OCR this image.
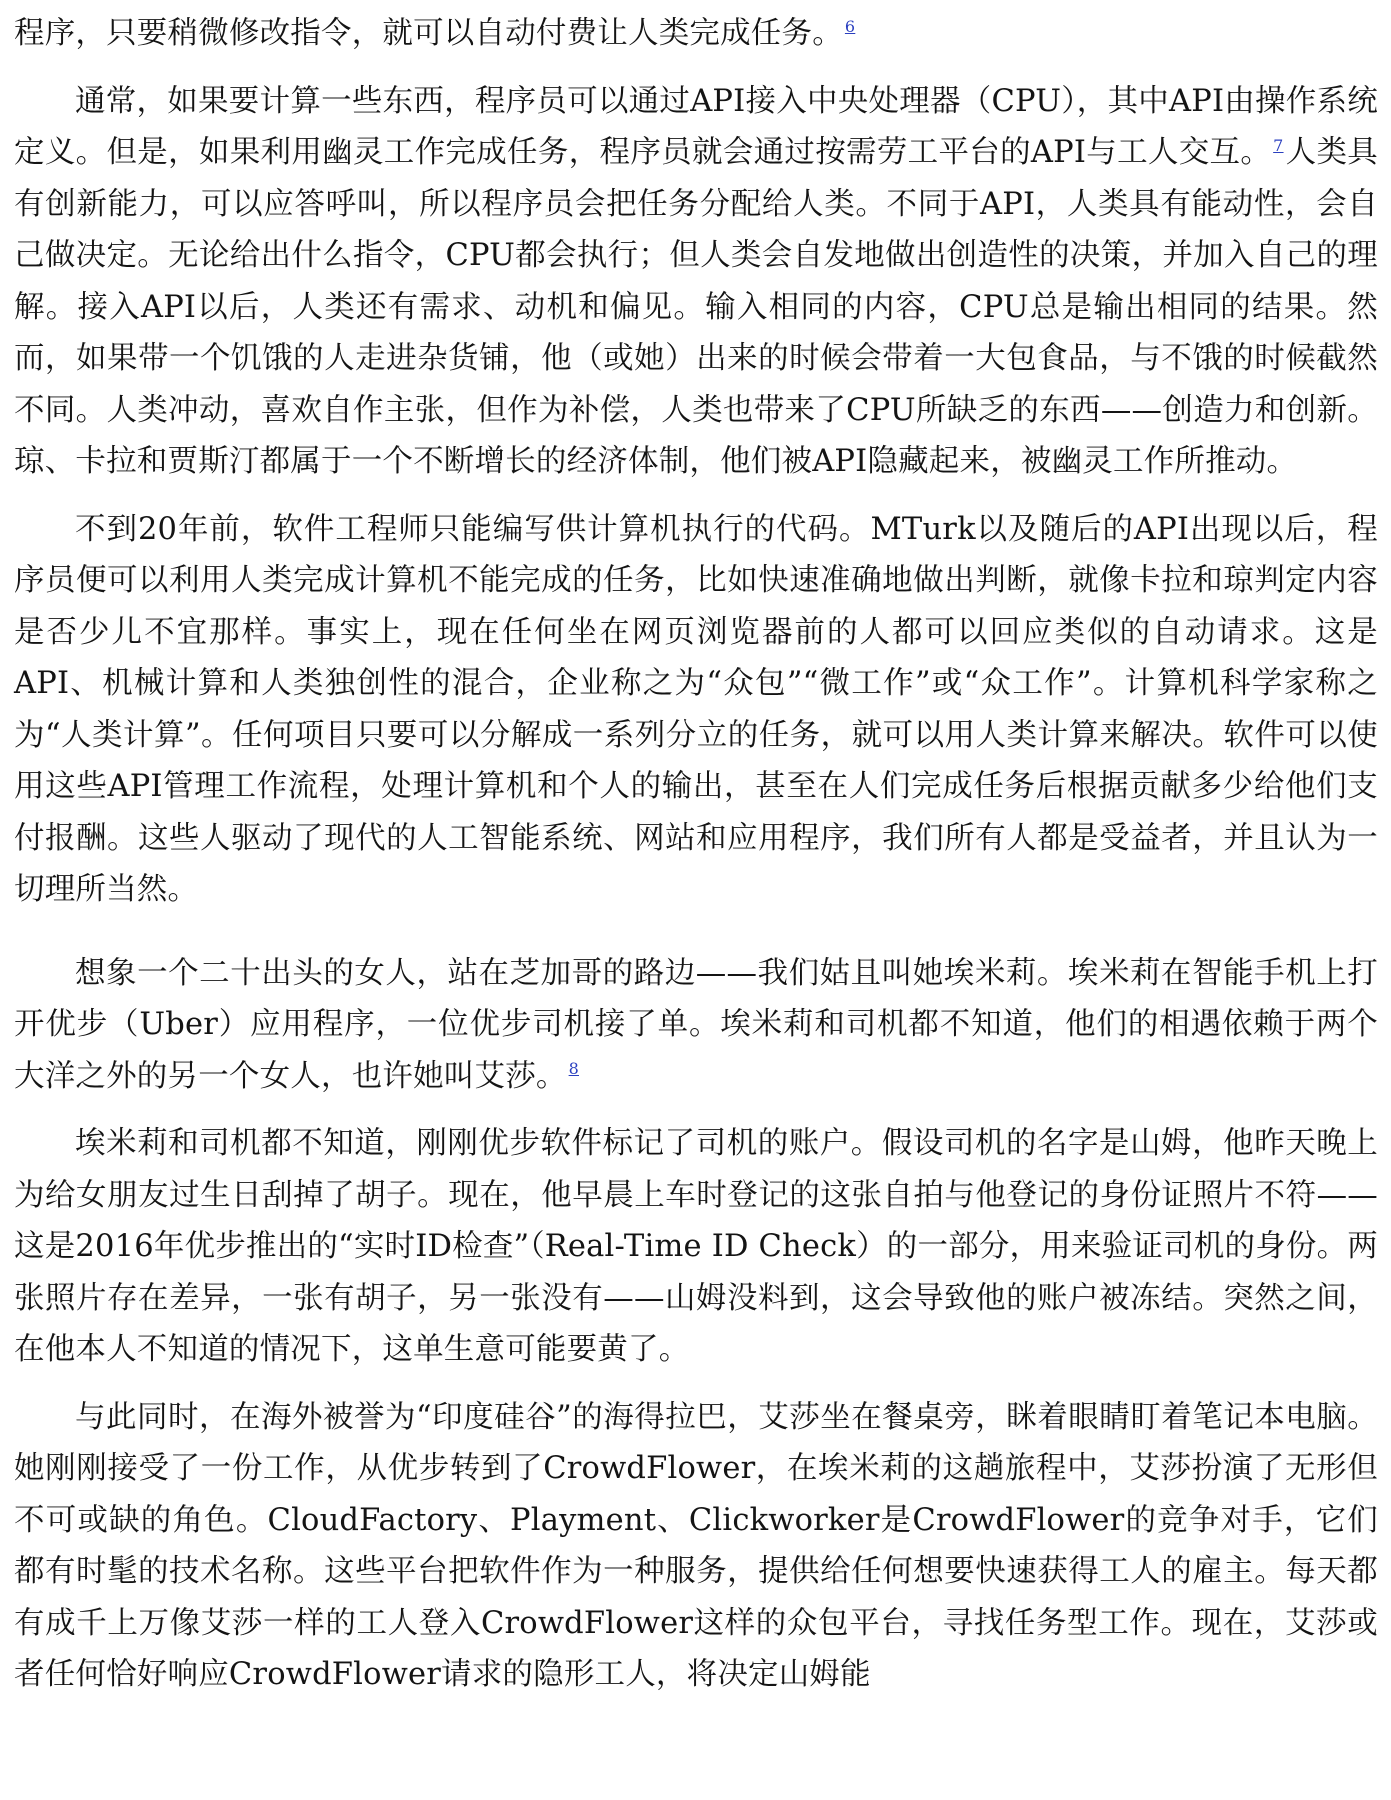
程序，只要稍微修改指令，就可以自动付费让人类完成任务。 $^6$

通常，如果要计算一些东西，程序员可以通过API接入中央处理器（CPU），其中API由操作系统定义。但是，如果利用幽灵工作完成任务，程序员就会通过按需劳工平台的API与工人交互。 $^7$人类具有创新能力，可以应答呼叫，所以程序员会把任务分配给人类。不同于API，人类具有能动性，会自己做决定。无论给出什么指令，CPU都会执行；但人类会自发地做出创造性的决策，并加入自己的理解。接入API以后，人类还有需求、动机和偏见。输入相同的内容，CPU总是输出相同的结果。然而，如果带一个饥饿的人走进杂货铺，他（或她）出来的时候会带着一大包食品，与不饿的时候截然不同。人类冲动，喜欢自作主张，但作为补偿，人类也带来了CPU所缺乏的东西——创造力和创新。琼、卡拉和贾斯汀都属于一个不断增长的经济体制，他们被API隐藏起来，被幽灵工作所推动。

不到20年前，软件工程师只能编写供计算机执行的代码。MTurk以及随后的API出现以后，程序员便可以利用人类完成计算机不能完成的任务，比如快速准确地做出判断，就像卡拉和琼判定内容是否少儿不宜那样。事实上，现在任何坐在网页浏览器前的人都可以回应类似的自动请求。这是API、机械计算和人类独创性的混合，企业称之为“众包”“微工作”或“众工作”。计算机科学家称之为“人类计算”。任何项目只要可以分解成一系列分立的任务，就可以用人类计算来解决。软件可以使用这些API管理工作流程，处理计算机和个人的输出，甚至在人们完成任务后根据贡献多少给他们支付报酬。这些人驱动了现代的人工智能系统、网站和应用程序，我们所有人都是受益者，并且认为一切理所当然。

想象一个二十出头的女人，站在芝加哥的路边——我们姑且叫她埃米莉。埃米莉在智能手机上打开优步（Uber）应用程序，一位优步司机接了单。埃米莉和司机都不知道，他们的相遇依赖于两个大洋之外的另一个女人，也许她叫艾莎。 $^8$

埃米莉和司机都不知道，刚刚优步软件标记了司机的账户。假设司机的名字是山姆，他昨天晚上为给女朋友过生日刮掉了胡子。现在，他早晨上车时登记的这张自拍与他登记的身份证照片不符——这是2016年优步推出的“实时ID检查”（Real-Time ID Check）的一部分，用来验证司机的身份。两张照片存在差异，一张有胡子，另一张没有——山姆没料到，这会导致他的账户被冻结。突然之间，在他本人不知道的情况下，这单生意可能要黄了。

与此同时，在海外被誉为“印度硅谷”的海得拉巴，艾莎坐在餐桌旁，眯着眼睛盯着笔记本电脑。她刚刚接受了一份工作，从优步转到了CrowdFlower，在埃米莉的这趟旅程中，艾莎扮演了无形但不可或缺的角色。CloudFactory、Playment、Clickworker是CrowdFlower的竞争对手，它们都有时髦的技术名称。这些平台把软件作为一种服务，提供给任何想要快速获得工人的雇主。每天都有成千上万像艾莎一样的工人登入CrowdFlower这样的众包平台，寻找任务型工作。现在，艾莎或者任何恰好响应CrowdFlower请求的隐形工人，将决定山姆能
